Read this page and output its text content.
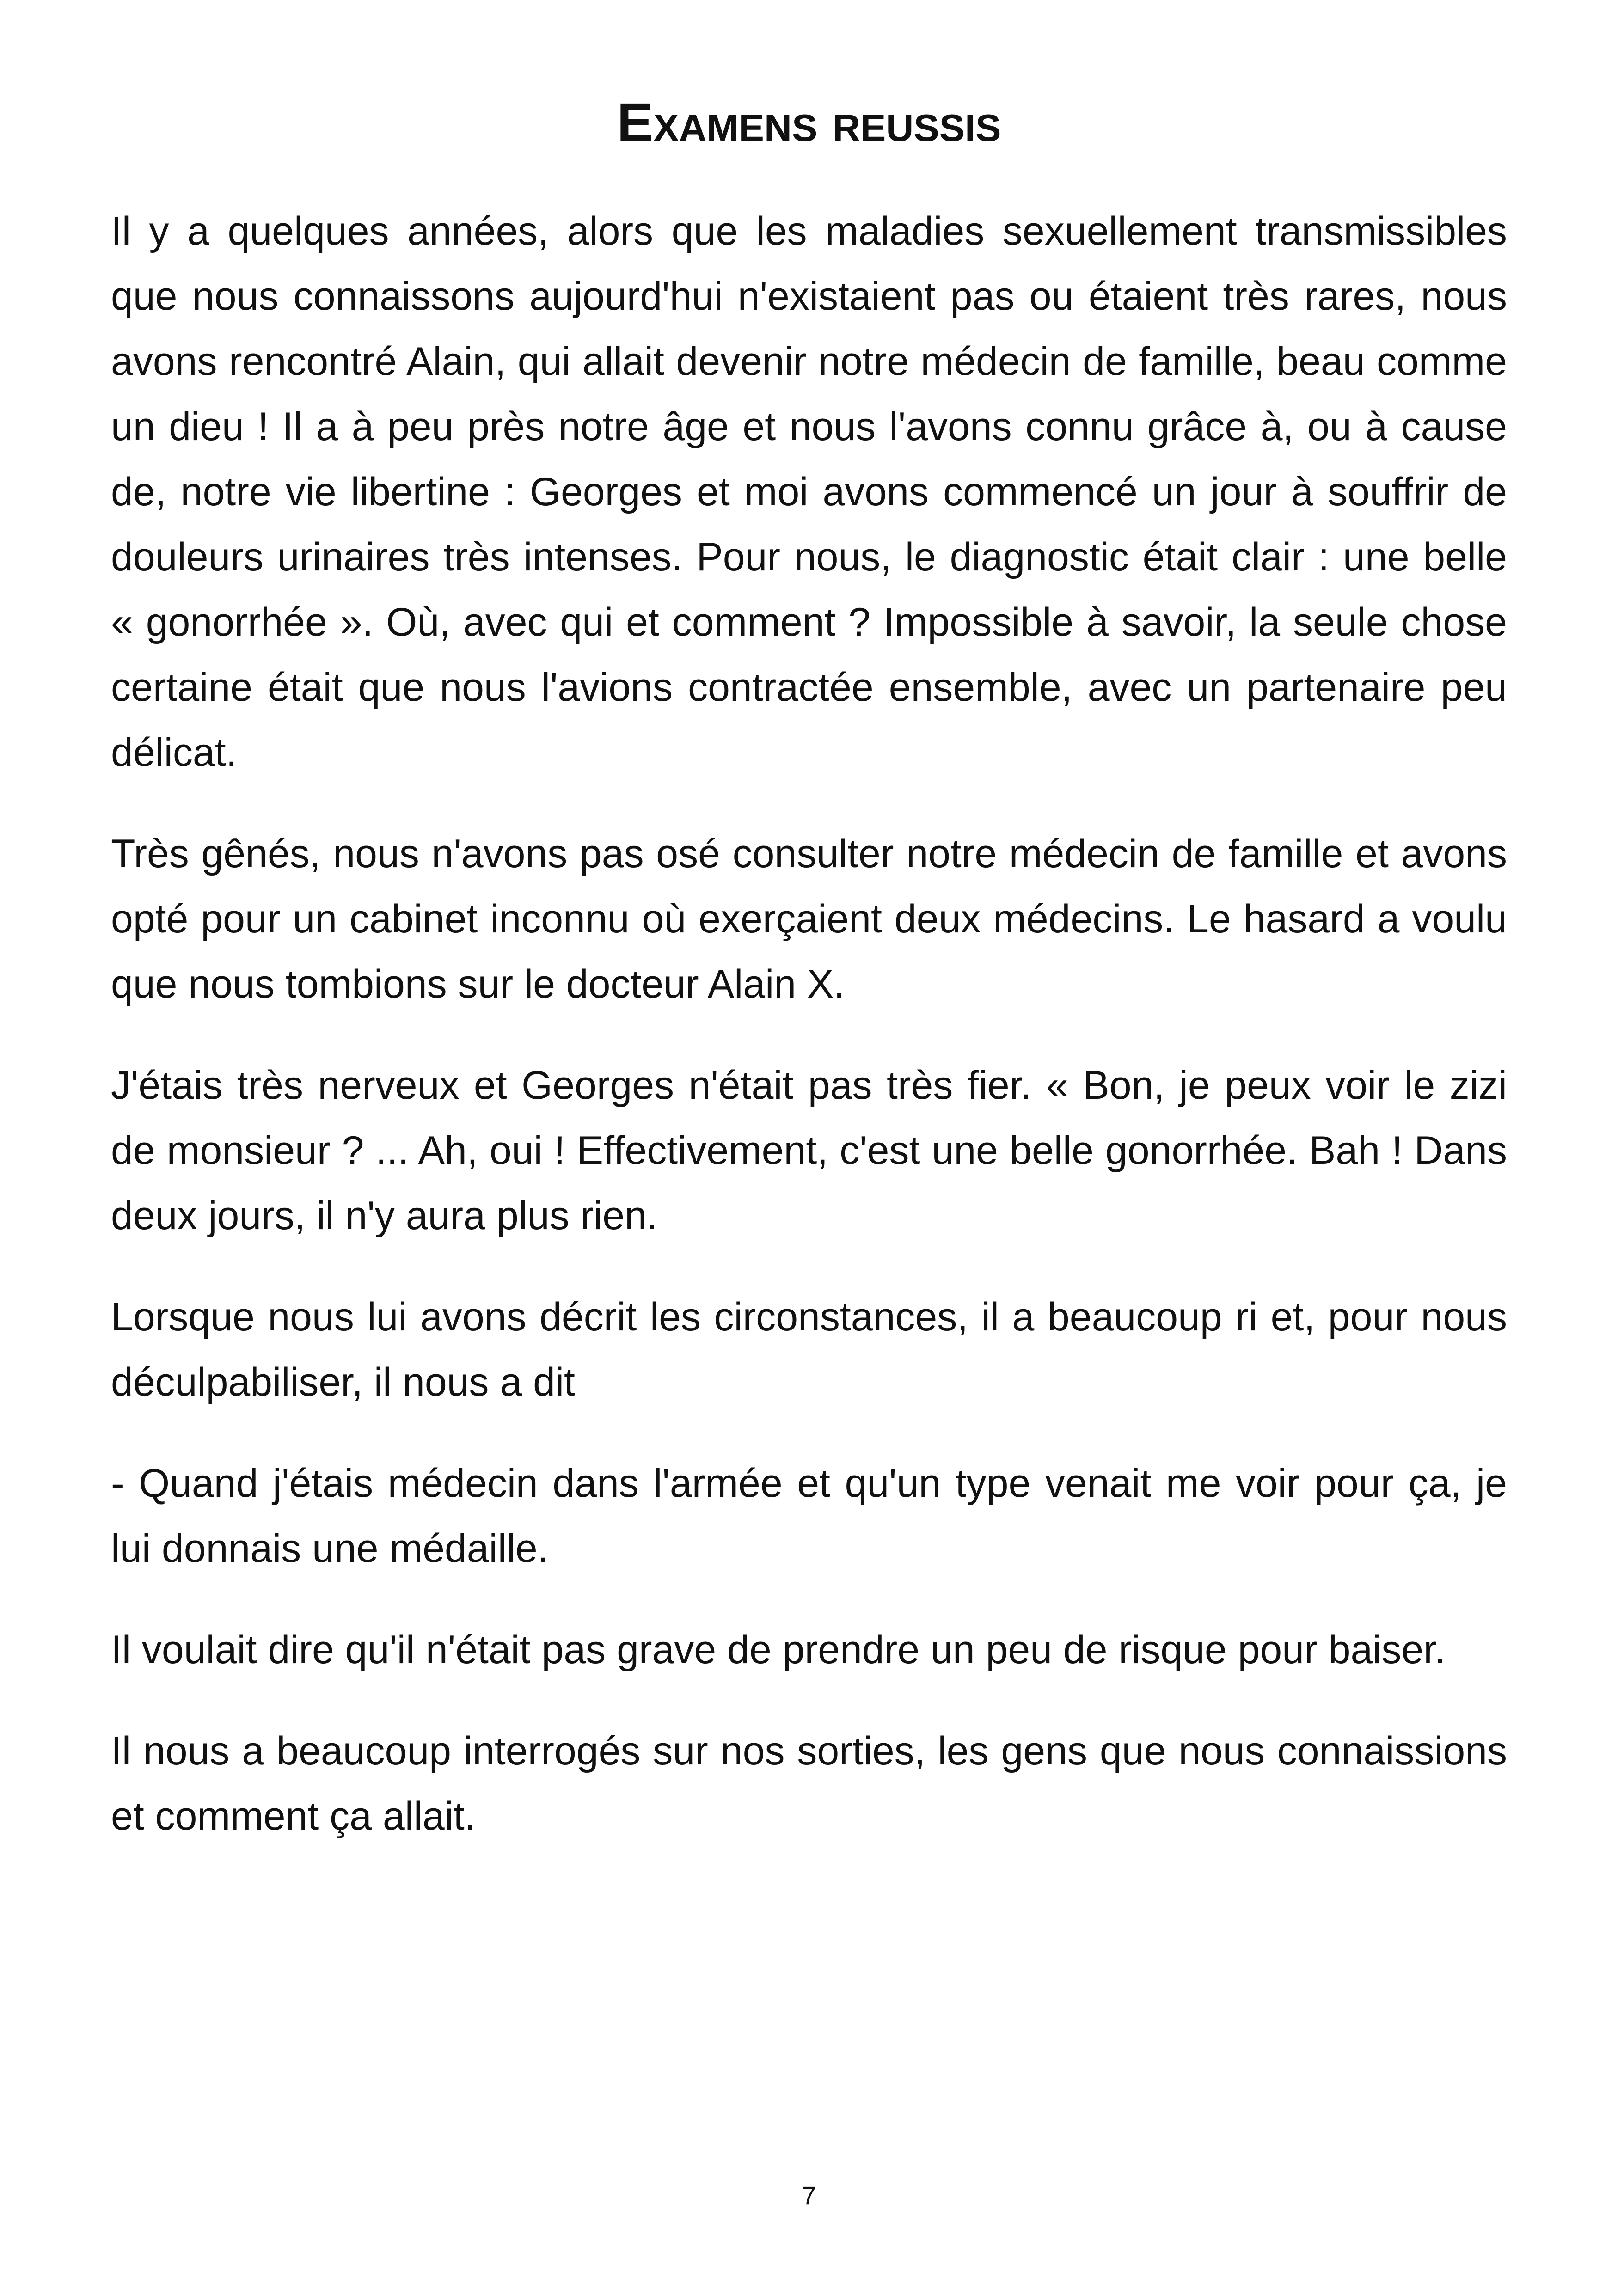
Examens reussis

Il y a quelques années, alors que les maladies sexuellement transmissibles que nous connaissons aujourd'hui n'existaient pas ou étaient très rares, nous avons rencontré Alain, qui allait devenir notre médecin de famille, beau comme un dieu ! Il a à peu près notre âge et nous l'avons connu grâce à, ou à cause de, notre vie libertine : Georges et moi avons commencé un jour à souffrir de douleurs urinaires très intenses. Pour nous, le diagnostic était clair : une belle « gonorrhée ». Où, avec qui et comment ? Impossible à savoir, la seule chose certaine était que nous l'avions contractée ensemble, avec un partenaire peu délicat.

Très gênés, nous n'avons pas osé consulter notre médecin de famille et avons opté pour un cabinet inconnu où exerçaient deux médecins. Le hasard a voulu que nous tombions sur le docteur Alain X.

J'étais très nerveux et Georges n'était pas très fier. « Bon, je peux voir le zizi de monsieur ? ... Ah, oui ! Effectivement, c'est une belle gonorrhée. Bah ! Dans deux jours, il n'y aura plus rien.

Lorsque nous lui avons décrit les circonstances, il a beaucoup ri et, pour nous déculpabiliser, il nous a dit

- Quand j'étais médecin dans l'armée et qu'un type venait me voir pour ça, je lui donnais une médaille.

Il voulait dire qu'il n'était pas grave de prendre un peu de risque pour baiser.

Il nous a beaucoup interrogés sur nos sorties, les gens que nous connaissions et comment ça allait.

7
